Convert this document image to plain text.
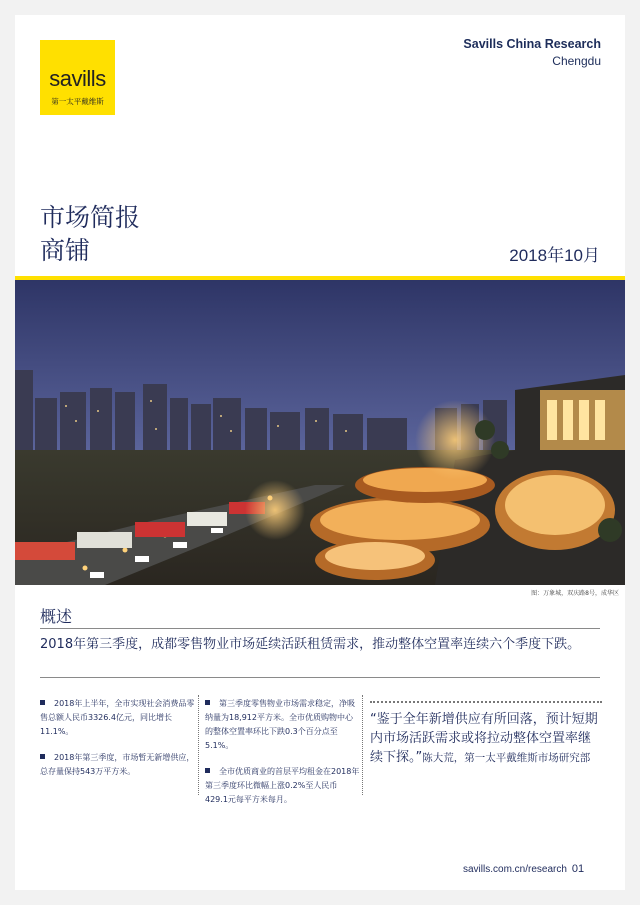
savills
第一太平戴维斯
Savills China Research
Chengdu
市场简报
商铺	2018年10月
图：万象城，双庆路8号，成华区
概述
2018年第三季度，成都零售物业市场延续活跃租赁需求，推动整体空置率连续六个季度下跌。
2018年上半年，全市实现社会消费品零售总额人民币3326.4亿元，同比增长11.1%。
2018年第三季度，市场暂无新增供应，总存量保持543万平方米。
第三季度零售物业市场需求稳定，净吸纳量为18,912平方米。全市优质购物中心的整体空置率环比下跌0.3个百分点至5.1%。
全市优质商业的首层平均租金在2018年第三季度环比微幅上涨0.2%至人民币429.1元每平方米每月。
“鉴于全年新增供应有所回落，预计短期内市场活跃需求或将拉动整体空置率继续下探。”陈大荒，第一太平戴维斯市场研究部
savills.com.cn/research 01
